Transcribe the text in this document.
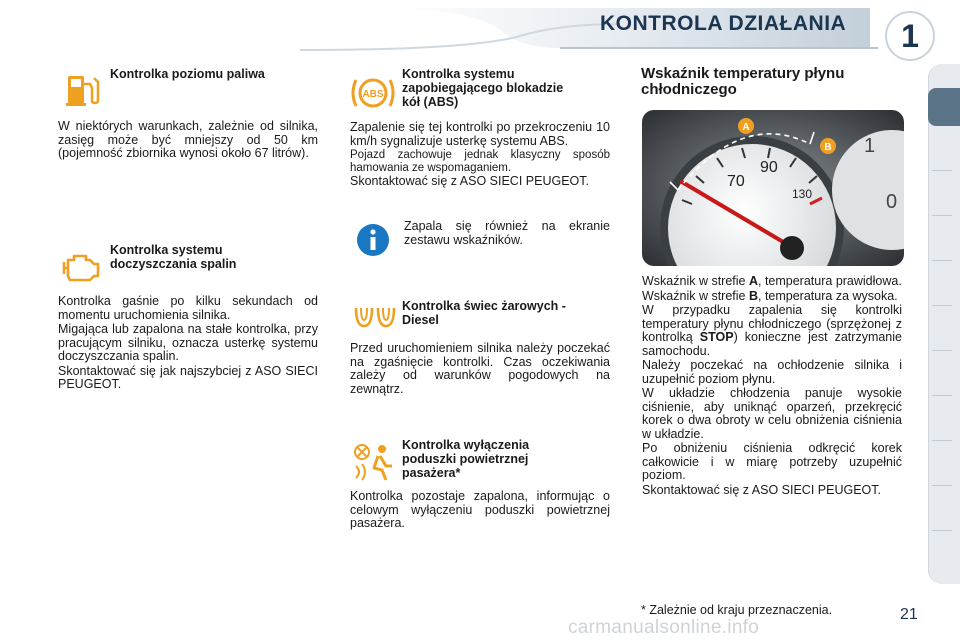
KONTROLA DZIAŁANIA	1
Kontrolka poziomu paliwa

W niektórych warunkach, zależnie od silnika, zasięg może być mniejszy od 50 km (pojemność zbiornika wynosi około 67 litrów).

Kontrolka systemu
doczyszczania spalin

Kontrolka gaśnie po kilku sekundach od momentu uruchomienia silnika.

Migająca lub zapalona na stałe kontrolka, przy pracującym silniku, oznacza usterkę systemu doczyszczania spalin.

Skontaktować się jak najszybciej z ASO SIECI PEUGEOT.

ABS
Kontrolka systemu
zapobiegającego blokadzie
kół (ABS)

Zapalenie się tej kontrolki po przekroczeniu 10 km/h sygnalizuje usterkę systemu ABS.

Pojazd zachowuje jednak klasyczny sposób hamowania ze wspomaganiem.

Skontaktować się z ASO SIECI PEUGEOT.

Zapala się również na ekranie zestawu wskaźników.
Kontrolka świec żarowych -
Diesel

Przed uruchomieniem silnika należy poczekać na zgaśnięcie kontrolki. Czas oczekiwania zależy od warunków pogodowych na zewnątrz.

Kontrolka wyłączenia
poduszki powietrznej
pasażera*

Kontrolka pozostaje zapalona, informując o celowym wyłączeniu poduszki powietrznej pasażera.

Wskaźnik temperatury płynu
chłodniczego
70
90
130
1
0
A
B

Wskaźnik w strefie A, temperatura prawidłowa.

Wskaźnik w strefie B, temperatura za wysoka.

W przypadku zapalenia się kontrolki temperatury płynu chłodniczego (sprzężonej z kontrolką STOP) konieczne jest zatrzymanie samochodu.

Należy poczekać na ochłodzenie silnika i uzupełnić poziom płynu.

W układzie chłodzenia panuje wysokie ciśnienie, aby uniknąć oparzeń, przekręcić korek o dwa obroty w celu obniżenia ciśnienia w układzie.

Po obniżeniu ciśnienia odkręcić korek całkowicie i w miarę potrzeby uzupełnić poziom.

Skontaktować się z ASO SIECI PEUGEOT.

* Zależnie od kraju przeznaczenia.	21
carmanualsonline.info
